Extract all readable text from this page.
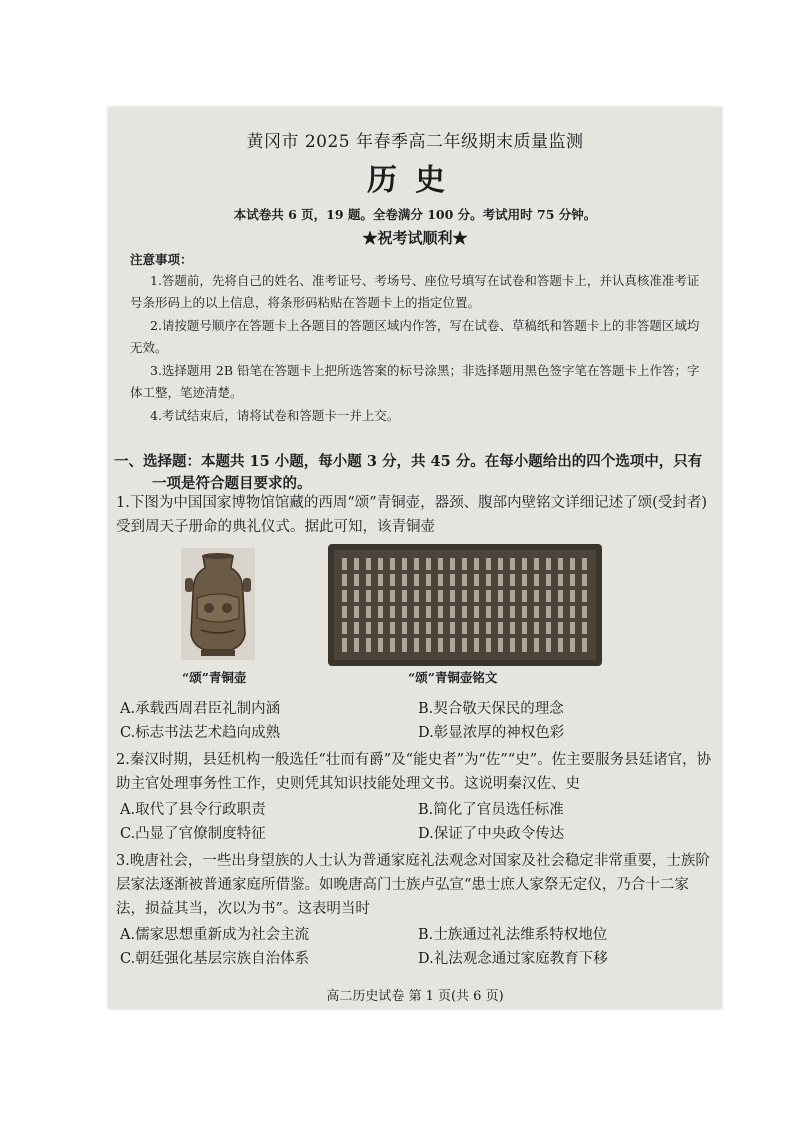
黄冈市 2025 年春季高二年级期末质量监测
历史
本试卷共 6 页，19 题。全卷满分 100 分。考试用时 75 分钟。
★祝考试顺利★
注意事项：
1.答题前，先将自己的姓名、准考证号、考场号、座位号填写在试卷和答题卡上，并认真核准准考证号条形码上的以上信息，将条形码粘贴在答题卡上的指定位置。
2.请按题号顺序在答题卡上各题目的答题区域内作答，写在试卷、草稿纸和答题卡上的非答题区域均无效。
3.选择题用 2B 铅笔在答题卡上把所选答案的标号涂黑；非选择题用黑色签字笔在答题卡上作答；字体工整，笔迹清楚。
4.考试结束后，请将试卷和答题卡一并上交。
一、选择题：本题共 15 小题，每小题 3 分，共 45 分。在每小题给出的四个选项中，只有
一项是符合题目要求的。
1.下图为中国国家博物馆馆藏的西周“颂”青铜壶，器颈、腹部内壁铭文详细记述了颂(受封者)受到周天子册命的典礼仪式。据此可知，该青铜壶
“颂”青铜壶	“颂”青铜壶铭文
A.承载西周君臣礼制内涵	B.契合敬天保民的理念
C.标志书法艺术趋向成熟	D.彰显浓厚的神权色彩
2.秦汉时期，县廷机构一般选任“壮而有爵”及“能史者”为“佐”“史”。佐主要服务县廷诸官，协助主官处理事务性工作，史则凭其知识技能处理文书。这说明秦汉佐、史
A.取代了县令行政职责	B.简化了官员选任标准
C.凸显了官僚制度特征	D.保证了中央政令传达
3.晚唐社会，一些出身望族的人士认为普通家庭礼法观念对国家及社会稳定非常重要，士族阶层家法逐渐被普通家庭所借鉴。如晚唐高门士族卢弘宣“患士庶人家祭无定仪，乃合十二家法，损益其当，次以为书”。这表明当时
A.儒家思想重新成为社会主流	B.士族通过礼法维系特权地位
C.朝廷强化基层宗族自治体系	D.礼法观念通过家庭教育下移
高二历史试卷 第 1 页(共 6 页)
